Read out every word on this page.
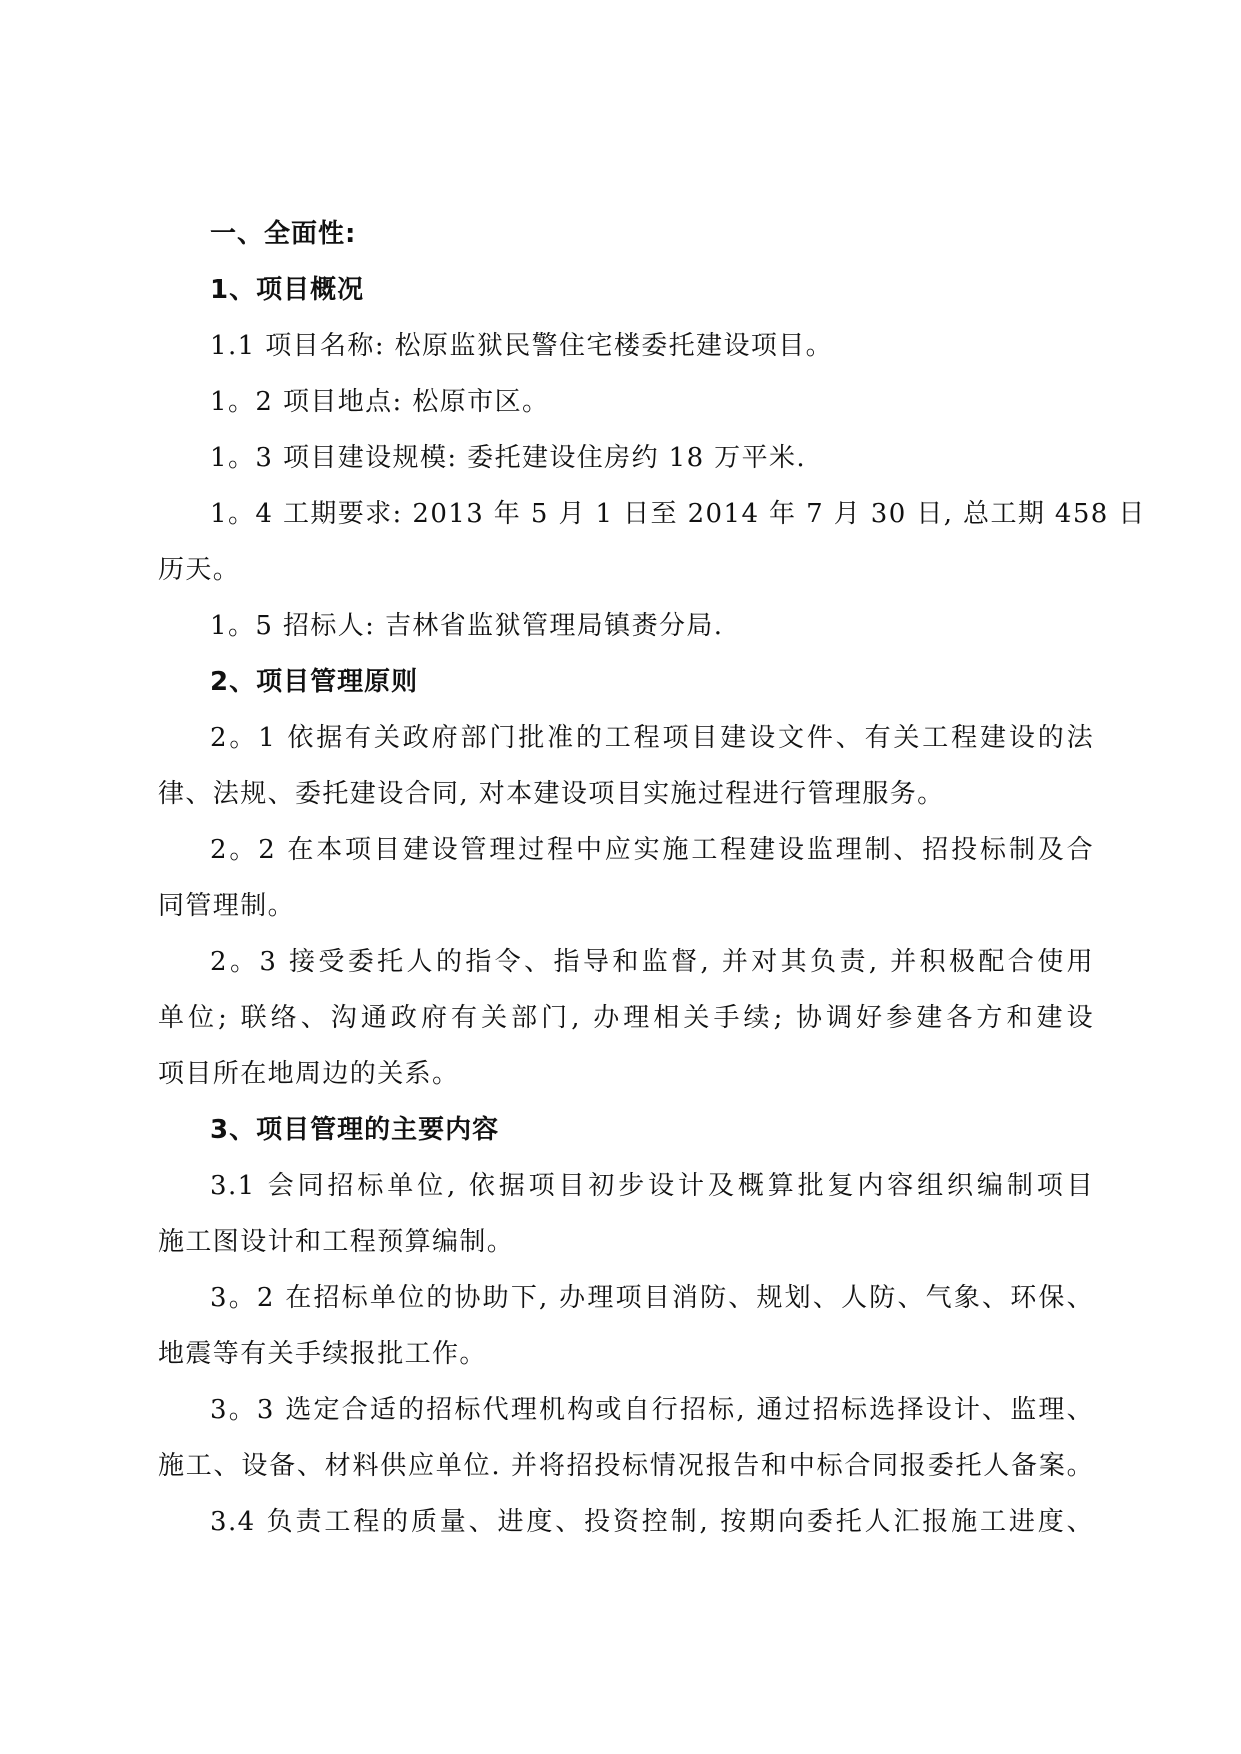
一、全面性:
1、项目概况
1.1 项目名称: 松原监狱民警住宅楼委托建设项目。
1。2 项目地点: 松原市区。
1。3 项目建设规模: 委托建设住房约 18 万平米.
1。4 工期要求: 2013 年 5 月 1 日至 2014 年 7 月 30 日, 总工期 458 日
历天。
1。5 招标人: 吉林省监狱管理局镇赉分局.
2、项目管理原则
2。1 依据有关政府部门批准的工程项目建设文件、有关工程建设的法
律、法规、委托建设合同, 对本建设项目实施过程进行管理服务。
2。2 在本项目建设管理过程中应实施工程建设监理制、招投标制及合
同管理制。
2。3 接受委托人的指令、指导和监督, 并对其负责, 并积极配合使用
单位; 联络、沟通政府有关部门, 办理相关手续; 协调好参建各方和建设
项目所在地周边的关系。
3、项目管理的主要内容
3.1 会同招标单位, 依据项目初步设计及概算批复内容组织编制项目
施工图设计和工程预算编制。
3。2 在招标单位的协助下, 办理项目消防、规划、人防、气象、环保、
地震等有关手续报批工作。
3。3 选定合适的招标代理机构或自行招标, 通过招标选择设计、监理、
施工、设备、材料供应单位. 并将招投标情况报告和中标合同报委托人备案。
3.4 负责工程的质量、进度、投资控制, 按期向委托人汇报施工进度、
